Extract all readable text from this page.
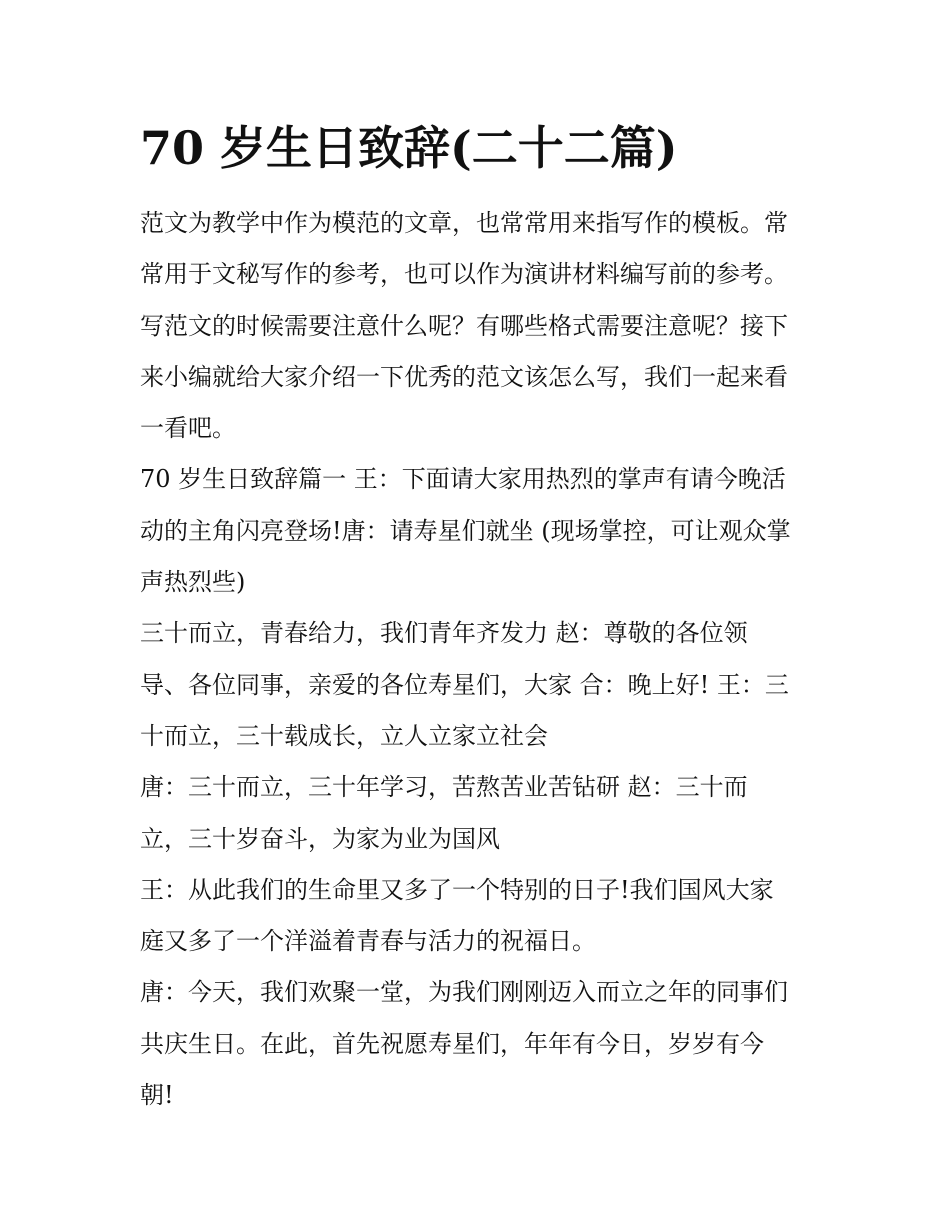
70 岁生日致辞(二十二篇)

范文为教学中作为模范的文章，也常常用来指写作的模板。常
常用于文秘写作的参考，也可以作为演讲材料编写前的参考。
写范文的时候需要注意什么呢？有哪些格式需要注意呢？接下
来小编就给大家介绍一下优秀的范文该怎么写，我们一起来看
一看吧。

70 岁生日致辞篇一 王：下面请大家用热烈的掌声有请今晚活
动的主角闪亮登场!唐：请寿星们就坐 (现场掌控，可让观众掌
声热烈些)

三十而立，青春给力，我们青年齐发力 赵：尊敬的各位领
导、各位同事，亲爱的各位寿星们，大家 合：晚上好! 王：三
十而立，三十载成长，立人立家立社会

唐：三十而立，三十年学习，苦熬苦业苦钻研 赵：三十而
立，三十岁奋斗，为家为业为国风

王：从此我们的生命里又多了一个特别的日子!我们国风大家
庭又多了一个洋溢着青春与活力的祝福日。

唐：今天，我们欢聚一堂，为我们刚刚迈入而立之年的同事们
共庆生日。在此，首先祝愿寿星们，年年有今日，岁岁有今
朝!
